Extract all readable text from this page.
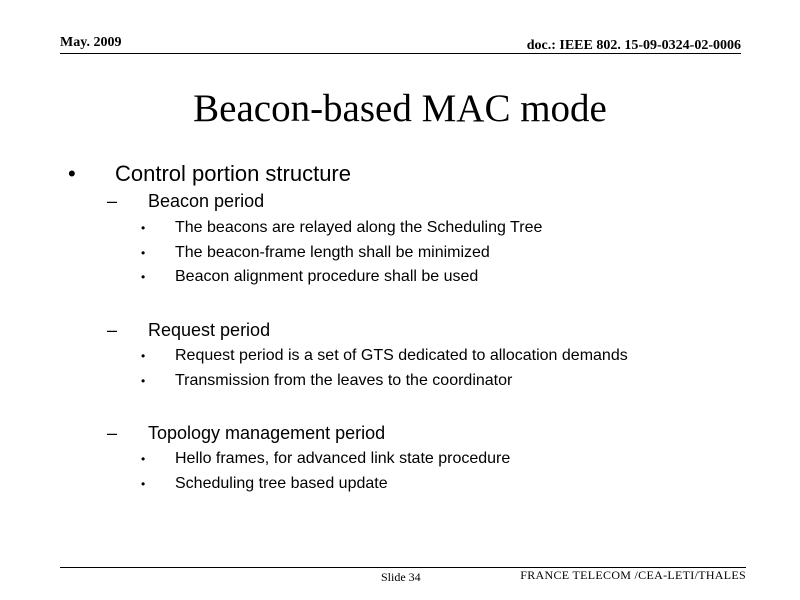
May. 2009	doc.: IEEE 802. 15-09-0324-02-0006
Beacon-based MAC mode
• Control portion structure
– Beacon period
• The beacons are relayed along the Scheduling Tree
• The beacon-frame length shall be minimized
• Beacon alignment procedure shall be used
– Request period
• Request period is a set of GTS dedicated to allocation demands
• Transmission from the leaves to the coordinator
– Topology management period
• Hello frames, for advanced link state procedure
• Scheduling tree based update
Slide 34	FRANCE TELECOM /CEA-LETI/THALES
